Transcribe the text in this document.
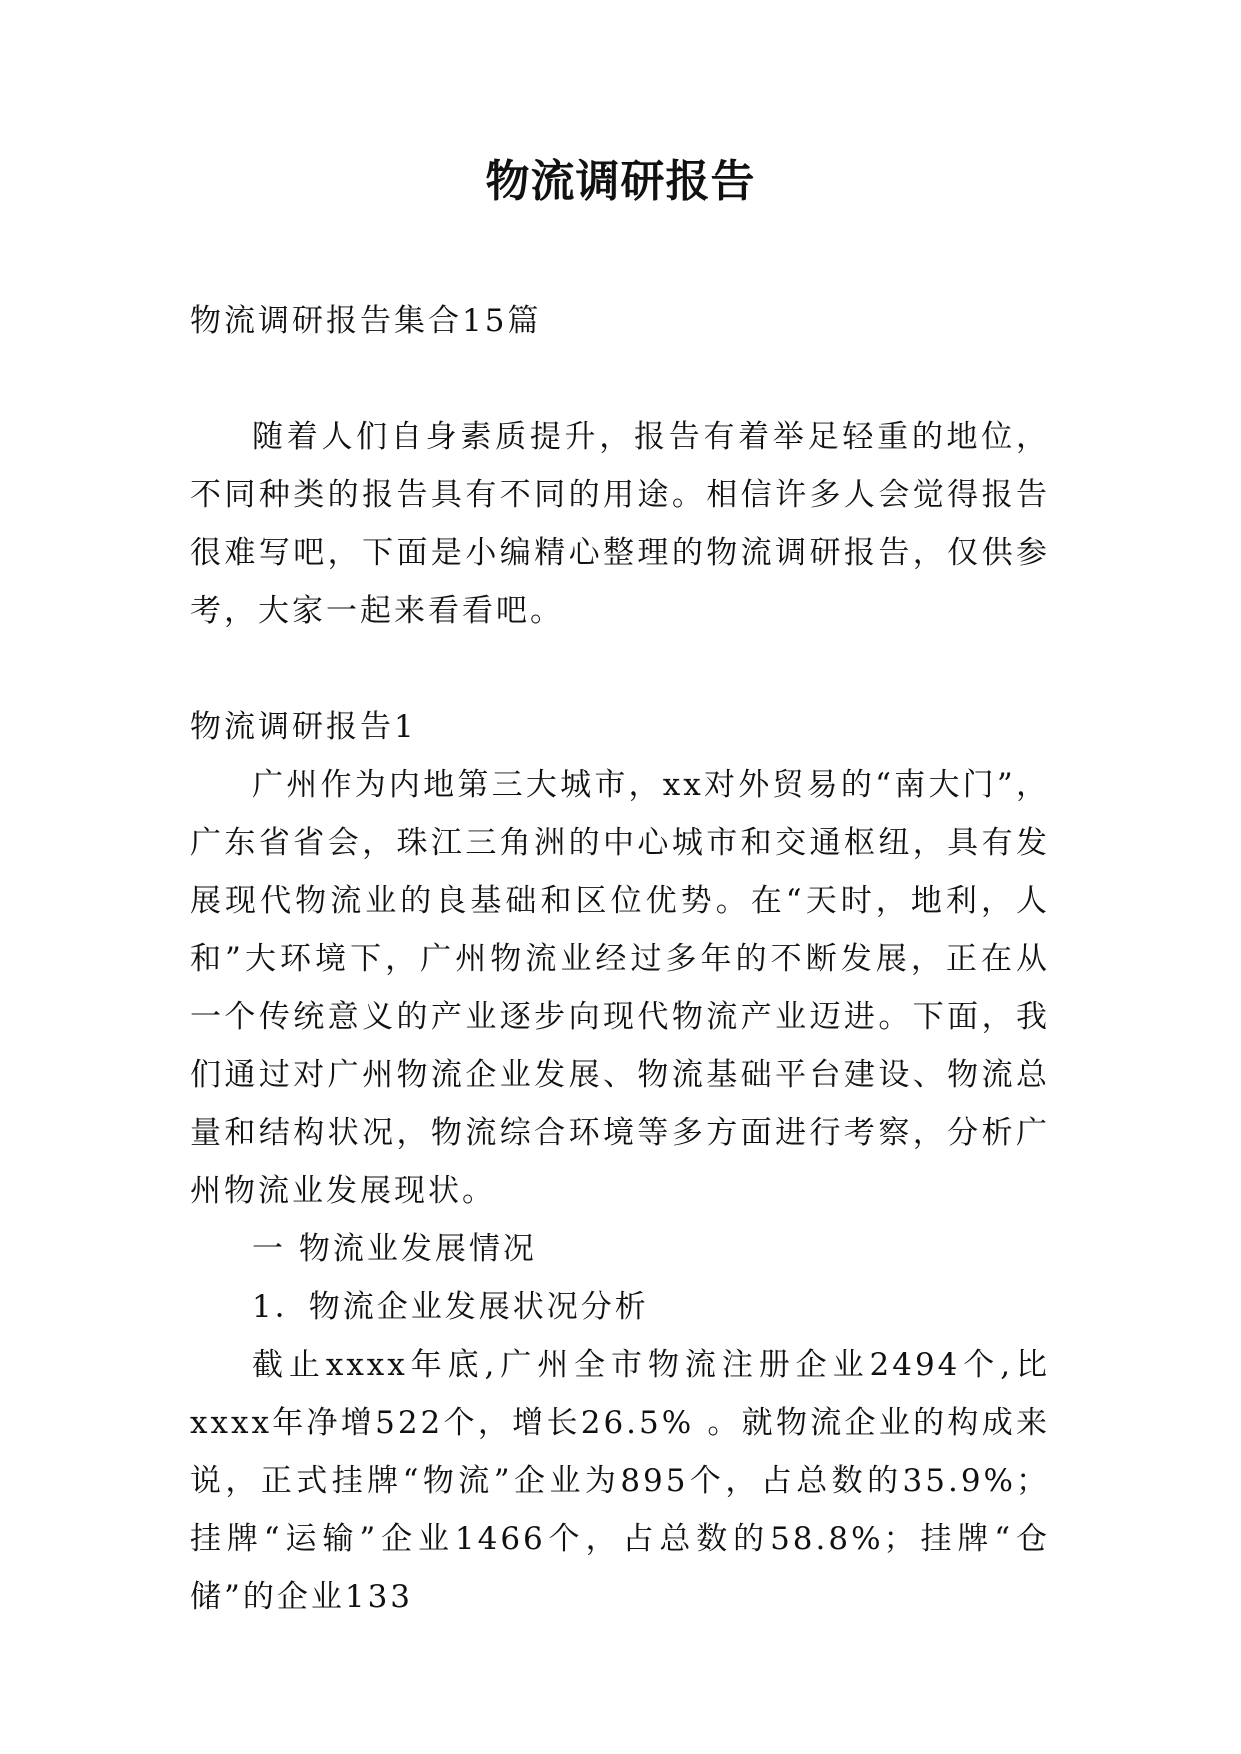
物流调研报告

物流调研报告集合15篇

随着人们自身素质提升，报告有着举足轻重的地位，不同种类的报告具有不同的用途。相信许多人会觉得报告很难写吧，下面是小编精心整理的物流调研报告，仅供参考，大家一起来看看吧。

物流调研报告1

广州作为内地第三大城市，xx对外贸易的“南大门”，广东省省会，珠江三角洲的中心城市和交通枢纽，具有发展现代物流业的良基础和区位优势。在“天时，地利，人和”大环境下，广州物流业经过多年的不断发展，正在从一个传统意义的产业逐步向现代物流产业迈进。下面，我们通过对广州物流企业发展、物流基础平台建设、物流总量和结构状况，物流综合环境等多方面进行考察，分析广州物流业发展现状。

一 物流业发展情况

1．物流企业发展状况分析

截止xxxx年底,广州全市物流注册企业2494个,比xxxx年净增522个，增长26.5% 。就物流企业的构成来说，正式挂牌“物流”企业为895个，占总数的35.9%；挂牌“运输”企业1466个，占总数的58.8%；挂牌“仓储”的企业133
